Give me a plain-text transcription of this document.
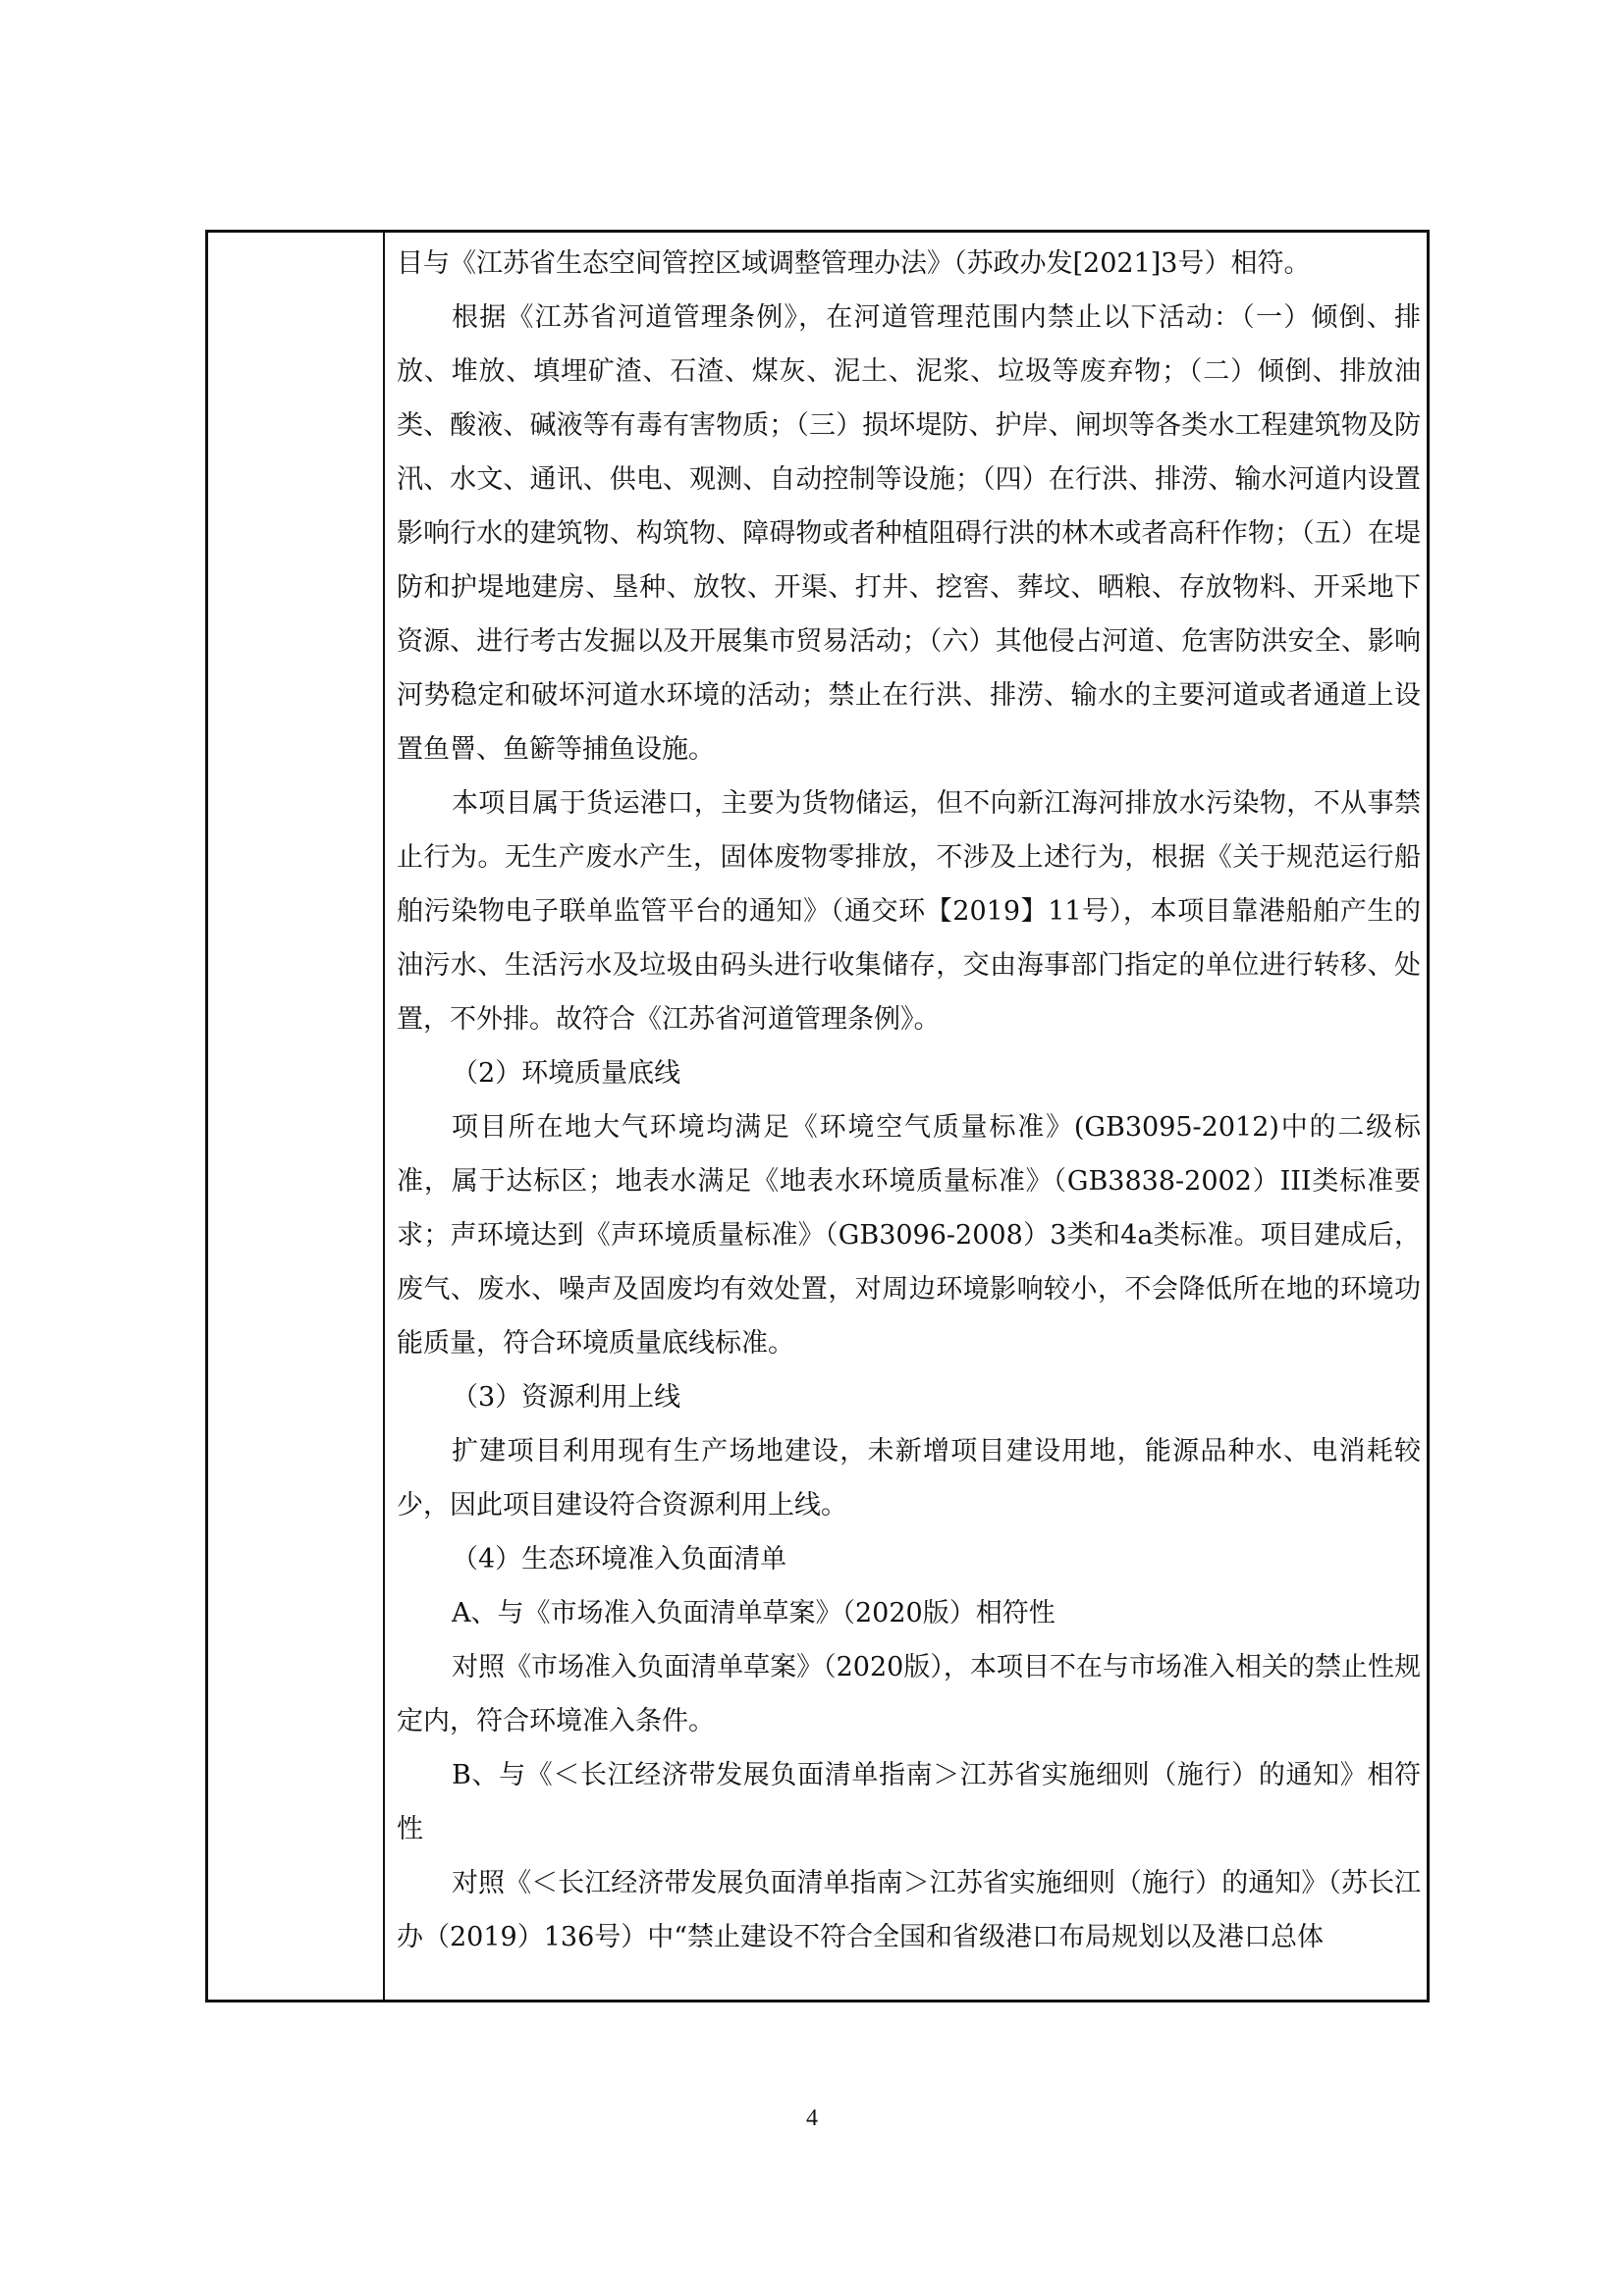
目与《江苏省生态空间管控区域调整管理办法》（苏政办发[2021]3号）相符。

根据《江苏省河道管理条例》，在河道管理范围内禁止以下活动：（一）倾倒、排放、堆放、填埋矿渣、石渣、煤灰、泥土、泥浆、垃圾等废弃物；（二）倾倒、排放油类、酸液、碱液等有毒有害物质；（三）损坏堤防、护岸、闸坝等各类水工程建筑物及防汛、水文、通讯、供电、观测、自动控制等设施；（四）在行洪、排涝、输水河道内设置影响行水的建筑物、构筑物、障碍物或者种植阻碍行洪的林木或者高秆作物；（五）在堤防和护堤地建房、垦种、放牧、开渠、打井、挖窖、葬坟、晒粮、存放物料、开采地下资源、进行考古发掘以及开展集市贸易活动；（六）其他侵占河道、危害防洪安全、影响河势稳定和破坏河道水环境的活动；禁止在行洪、排涝、输水的主要河道或者通道上设置鱼罾、鱼簖等捕鱼设施。

本项目属于货运港口，主要为货物储运，但不向新江海河排放水污染物，不从事禁止行为。无生产废水产生，固体废物零排放，不涉及上述行为，根据《关于规范运行船舶污染物电子联单监管平台的通知》（通交环【2019】11号），本项目靠港船舶产生的油污水、生活污水及垃圾由码头进行收集储存，交由海事部门指定的单位进行转移、处置，不外排。故符合《江苏省河道管理条例》。

（2）环境质量底线

项目所在地大气环境均满足《环境空气质量标准》(GB3095-2012)中的二级标准，属于达标区；地表水满足《地表水环境质量标准》（GB3838-2002）III类标准要求；声环境达到《声环境质量标准》（GB3096-2008）3类和4a类标准。项目建成后，废气、废水、噪声及固废均有效处置，对周边环境影响较小，不会降低所在地的环境功能质量，符合环境质量底线标准。

（3）资源利用上线

扩建项目利用现有生产场地建设，未新增项目建设用地，能源品种水、电消耗较少，因此项目建设符合资源利用上线。

（4）生态环境准入负面清单

A、与《市场准入负面清单草案》（2020版）相符性

对照《市场准入负面清单草案》（2020版），本项目不在与市场准入相关的禁止性规定内，符合环境准入条件。

B、与《＜长江经济带发展负面清单指南＞江苏省实施细则（施行）的通知》相符性

对照《＜长江经济带发展负面清单指南＞江苏省实施细则（施行）的通知》（苏长江办（2019）136号）中“禁止建设不符合全国和省级港口布局规划以及港口总体

4
